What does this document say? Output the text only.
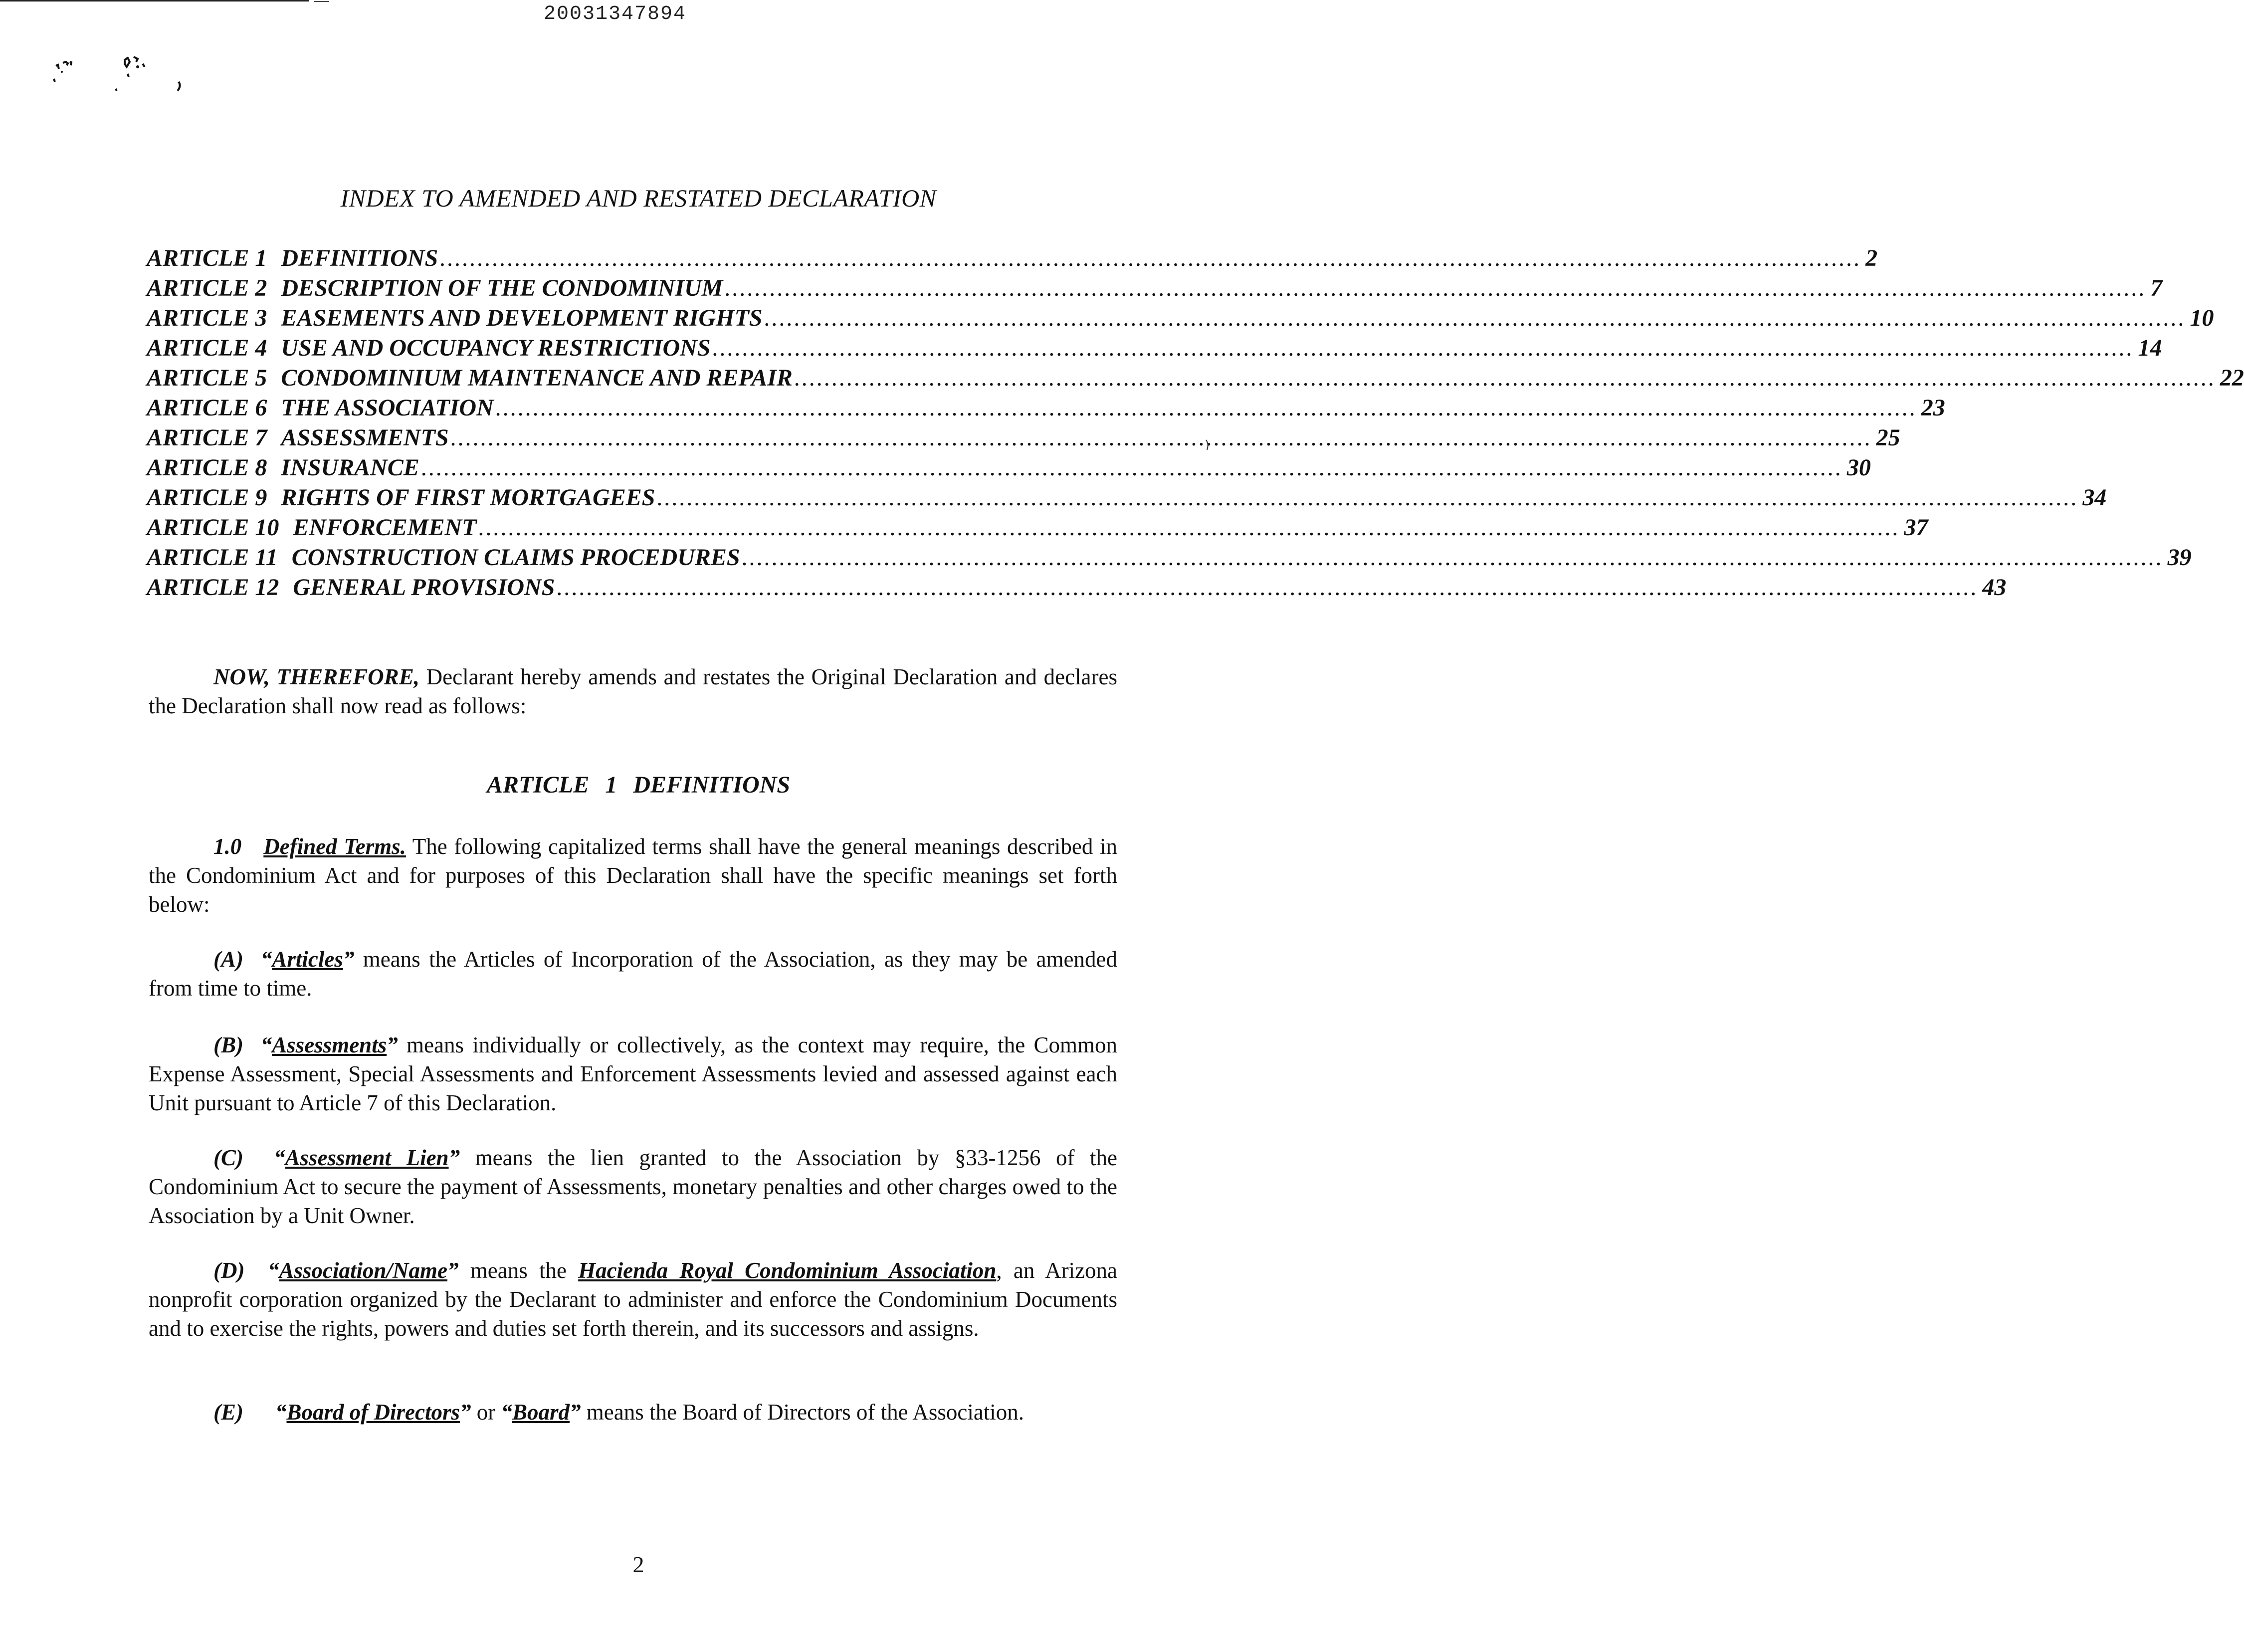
20031347894
INDEX TO AMENDED AND RESTATED DECLARATION
ARTICLE 1 DEFINITIONS .............................................................................................................................................................................................. 2
ARTICLE 2 DESCRIPTION OF THE CONDOMINIUM .............................................................................................................................................................................................. 7
ARTICLE 3 EASEMENTS AND DEVELOPMENT RIGHTS .............................................................................................................................................................................................. 10
ARTICLE 4 USE AND OCCUPANCY RESTRICTIONS .............................................................................................................................................................................................. 14
ARTICLE 5 CONDOMINIUM MAINTENANCE AND REPAIR .............................................................................................................................................................................................. 22
ARTICLE 6 THE ASSOCIATION .............................................................................................................................................................................................. 23
ARTICLE 7 ASSESSMENTS .............................................................................................................................................................................................. 25
ARTICLE 8 INSURANCE .............................................................................................................................................................................................. 30
ARTICLE 9 RIGHTS OF FIRST MORTGAGEES .............................................................................................................................................................................................. 34
ARTICLE 10 ENFORCEMENT .............................................................................................................................................................................................. 37
ARTICLE 11 CONSTRUCTION CLAIMS PROCEDURES .............................................................................................................................................................................................. 39
ARTICLE 12 GENERAL PROVISIONS .............................................................................................................................................................................................. 43
NOW, THEREFORE, Declarant hereby amends and restates the Original Declaration and declares the Declaration shall now read as follows:
ARTICLE 1 DEFINITIONS
1.0 Defined Terms. The following capitalized terms shall have the general meanings described in the Condominium Act and for purposes of this Declaration shall have the specific meanings set forth below:
(A) “Articles” means the Articles of Incorporation of the Association, as they may be amended from time to time.
(B) “Assessments” means individually or collectively, as the context may require, the Common Expense Assessment, Special Assessments and Enforcement Assessments levied and assessed against each Unit pursuant to Article 7 of this Declaration.
(C) “Assessment Lien” means the lien granted to the Association by §33-1256 of the Condominium Act to secure the payment of Assessments, monetary penalties and other charges owed to the Association by a Unit Owner.
(D) “Association/Name” means the Hacienda Royal Condominium Association, an Arizona nonprofit corporation organized by the Declarant to administer and enforce the Condominium Documents and to exercise the rights, powers and duties set forth therein, and its successors and assigns.
(E) “Board of Directors” or “Board” means the Board of Directors of the Association.
2
